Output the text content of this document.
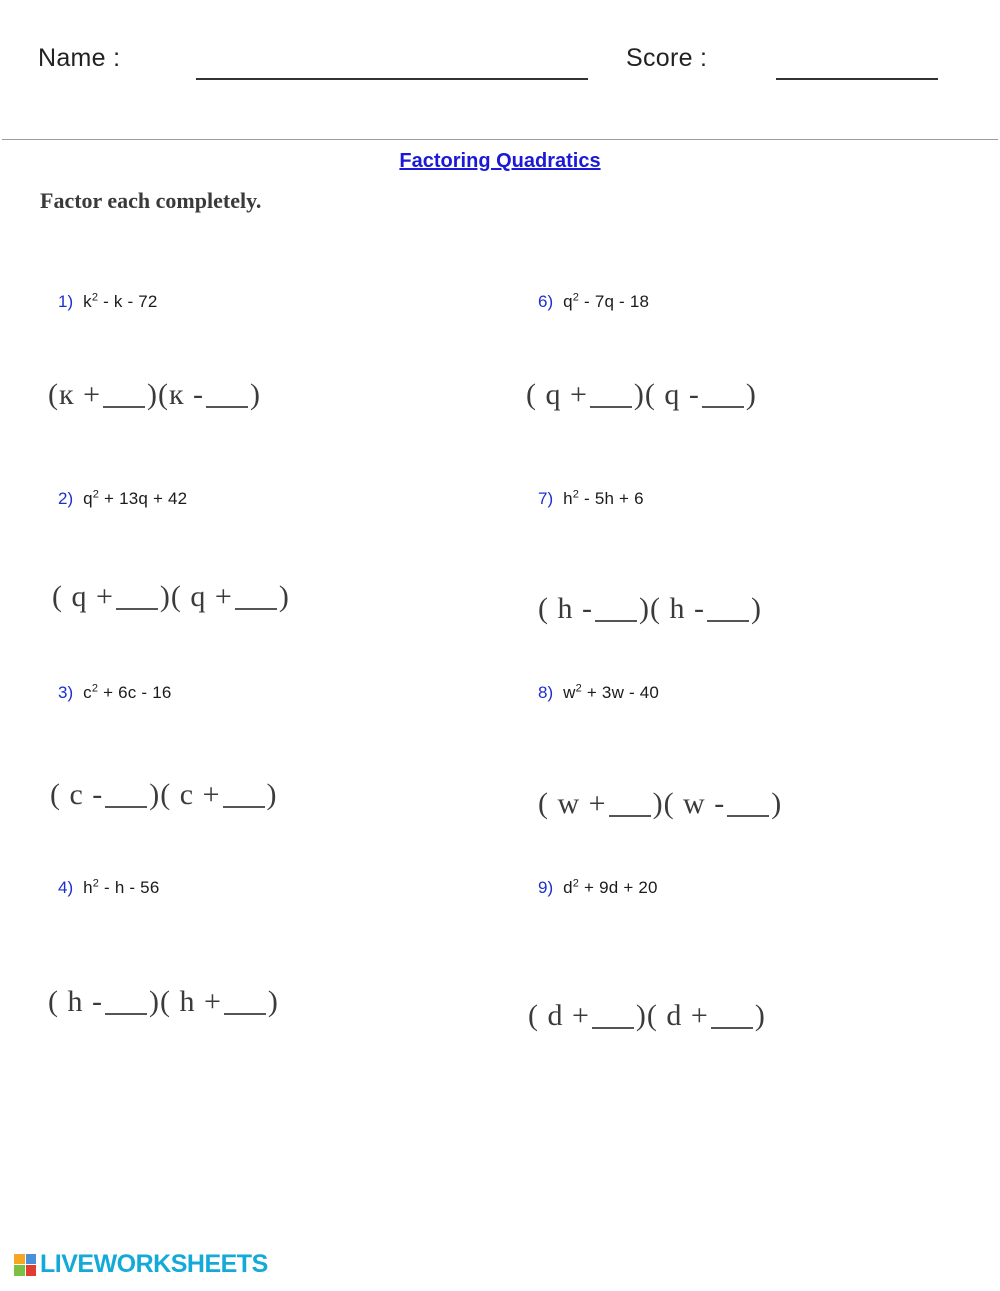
Name :	Score :
Factoring Quadratics
Factor each completely.
1) $k^2$ - k - 72
(к + )(к - )
2) $q^2 + 13q + 42$
( q + )( q + )
3) $c^2 + 6c - 16$
( c - )( c + )
4) $h^2$ - h - 56
( h - )( h + )
6) $q^2 - 7q - 18$
( q + )( q - )
7) $h^2 - 5h + 6$
( h - )( h - )
8) $w^2 + 3w - 40$
( w + )( w - )
9) $d^2 + 9d + 20$
( d + )( d + )
LIVEWORKSHEETS
